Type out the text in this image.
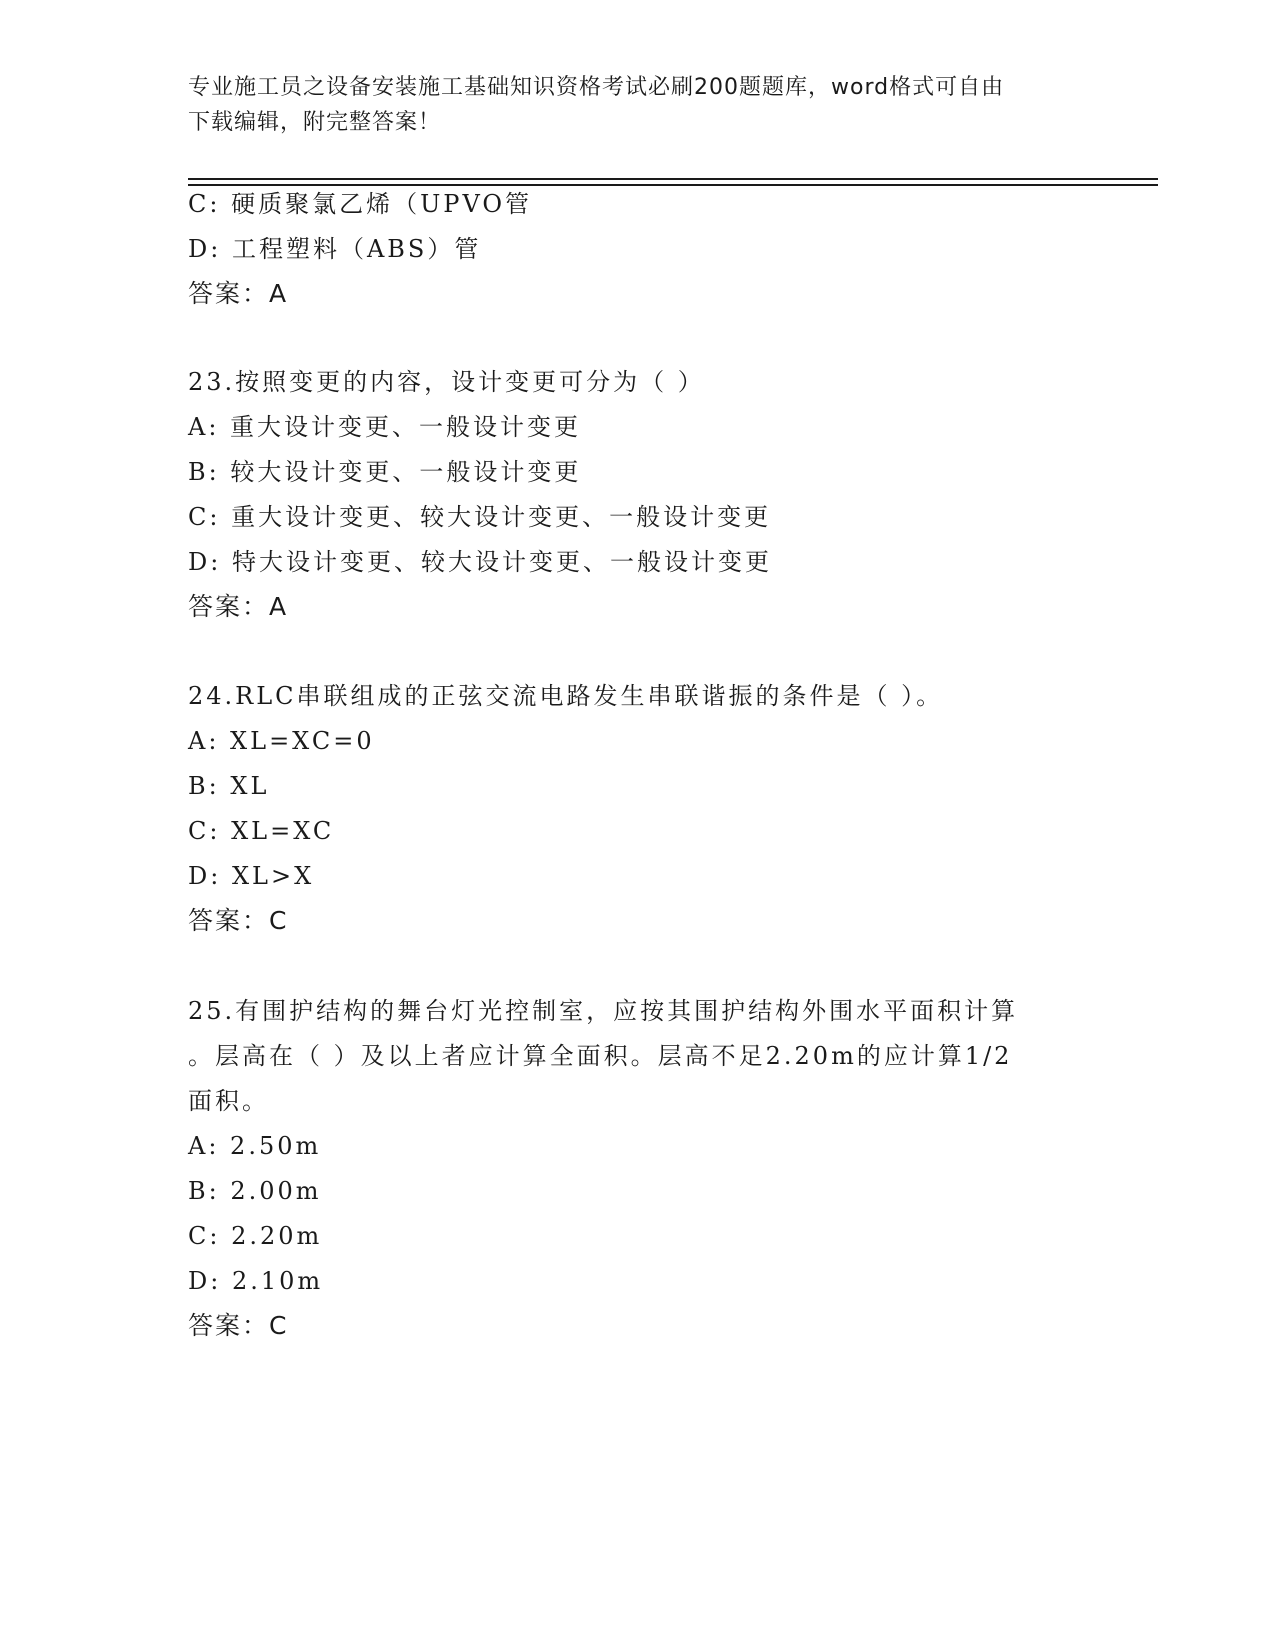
专业施工员之设备安装施工基础知识资格考试必刷200题题库，word格式可自由
下载编辑，附完整答案！
C: 硬质聚氯乙烯（UPVO管
D: 工程塑料（ABS）管
答案：A
23.按照变更的内容，设计变更可分为（ ）
A: 重大设计变更、一般设计变更
B: 较大设计变更、一般设计变更
C: 重大设计变更、较大设计变更、一般设计变更
D: 特大设计变更、较大设计变更、一般设计变更
答案：A
24.RLC串联组成的正弦交流电路发生串联谐振的条件是（ ）。
A: XL=XC=0
B: XL
C: XL=XC
D: XL>X
答案：C
25.有围护结构的舞台灯光控制室，应按其围护结构外围水平面积计算
。层高在（ ）及以上者应计算全面积。层高不足2.20m的应计算1/2
面积。
A: 2.50m
B: 2.00m
C: 2.20m
D: 2.10m
答案：C
